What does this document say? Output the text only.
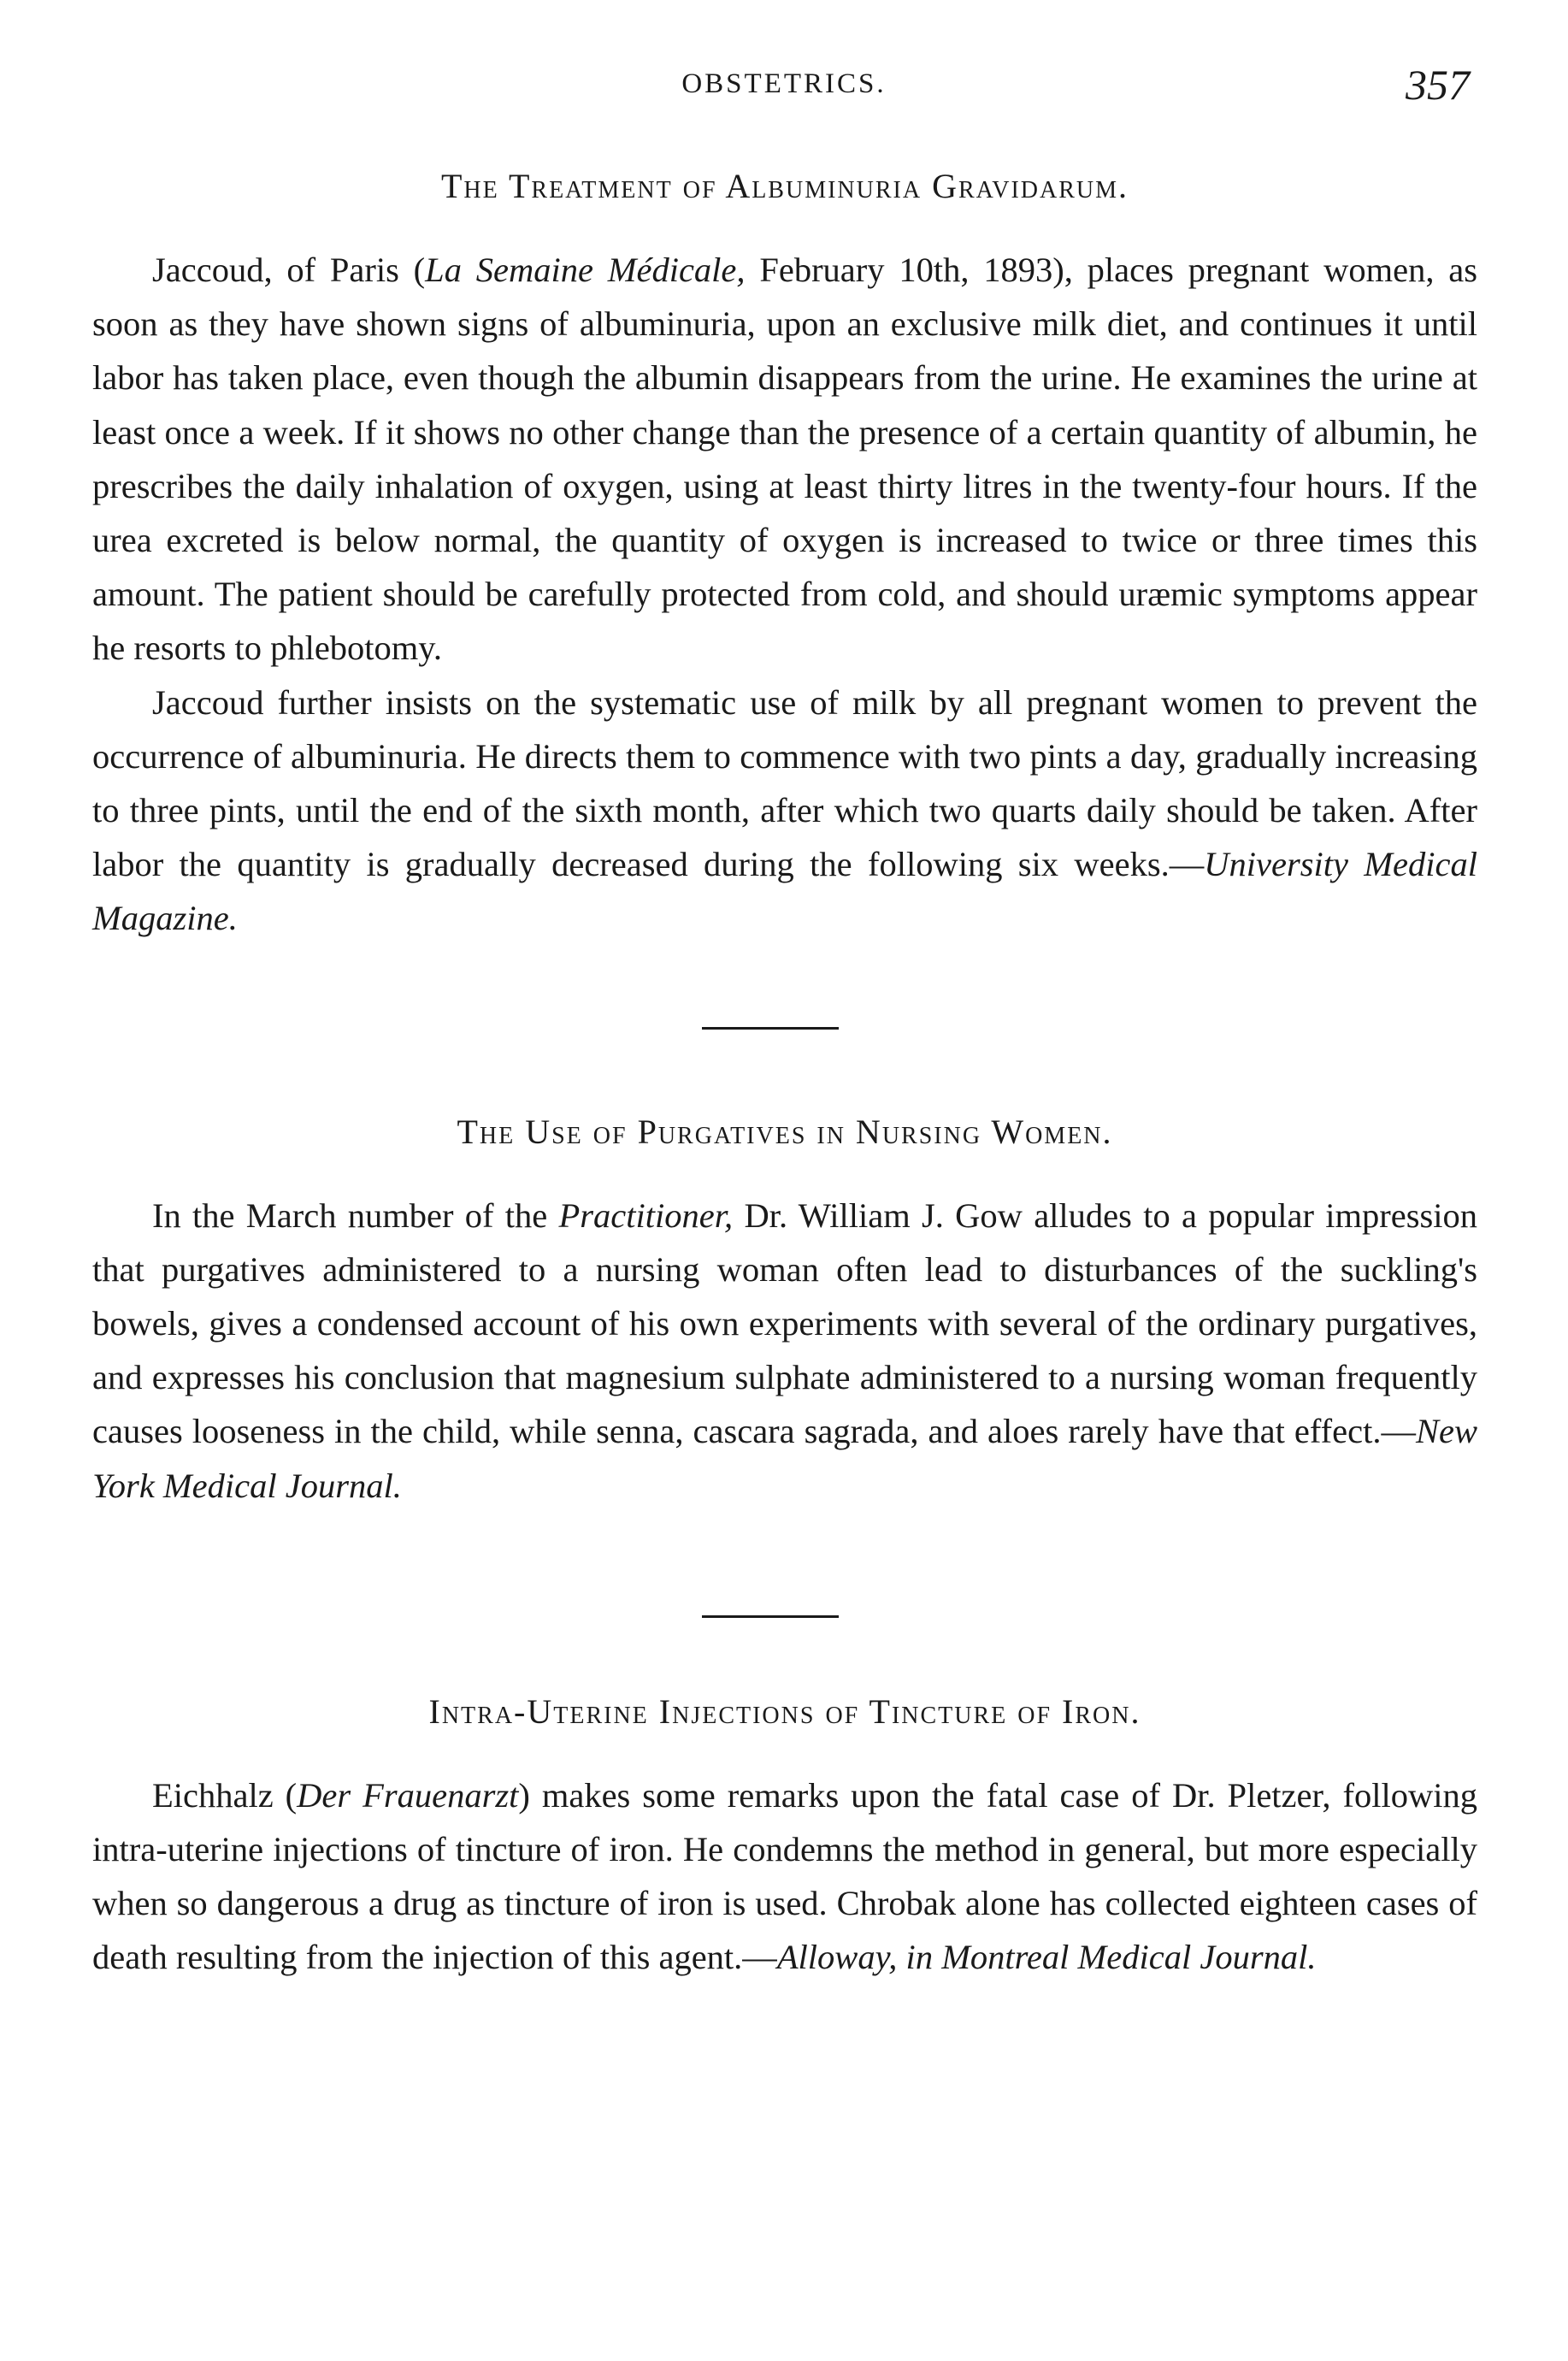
OBSTETRICS.	357
The Treatment of Albuminuria Gravidarum.

Jaccoud, of Paris (La Semaine Médicale, February 10th, 1893), places pregnant women, as soon as they have shown signs of albuminuria, upon an exclusive milk diet, and continues it until labor has taken place, even though the albumin disappears from the urine. He examines the urine at least once a week. If it shows no other change than the presence of a certain quantity of albumin, he prescribes the daily inhalation of oxygen, using at least thirty litres in the twenty-four hours. If the urea excreted is below normal, the quantity of oxygen is increased to twice or three times this amount. The patient should be carefully protected from cold, and should uræmic symptoms appear he resorts to phlebotomy.

Jaccoud further insists on the systematic use of milk by all pregnant women to prevent the occurrence of albuminuria. He directs them to commence with two pints a day, gradually increasing to three pints, until the end of the sixth month, after which two quarts daily should be taken. After labor the quantity is gradually decreased during the following six weeks.—University Medical Magazine.

The Use of Purgatives in Nursing Women.

In the March number of the Practitioner, Dr. William J. Gow alludes to a popular impression that purgatives administered to a nursing woman often lead to disturbances of the suckling's bowels, gives a condensed account of his own experiments with several of the ordinary purgatives, and expresses his conclusion that magnesium sulphate administered to a nursing woman frequently causes looseness in the child, while senna, cascara sagrada, and aloes rarely have that effect.—New York Medical Journal.

Intra-Uterine Injections of Tincture of Iron.

Eichhalz (Der Frauenarzt) makes some remarks upon the fatal case of Dr. Pletzer, following intra-uterine injections of tincture of iron. He condemns the method in general, but more especially when so dangerous a drug as tincture of iron is used. Chrobak alone has collected eighteen cases of death resulting from the injection of this agent.—Alloway, in Montreal Medical Journal.
